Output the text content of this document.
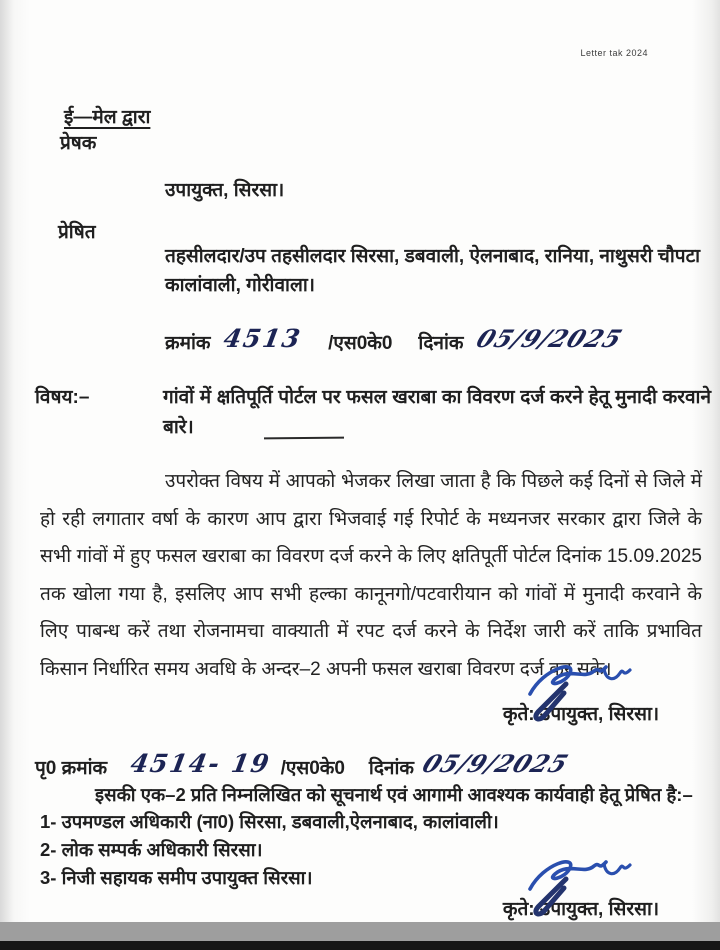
Letter tak 2024
ई—मेल द्वारा
प्रेषक
उपायुक्त, सिरसा।
प्रेषित
तहसीलदार/उप तहसीलदार सिरसा, डबवाली, ऐलनाबाद, रानिया, नाथुसरी चौपटा कालांवाली, गोरीवाला।
क्रमांक 4513 /एस0के0 दिनांक 05/9/2025
विषय:–	गांवों में क्षतिपूर्ति पोर्टल पर फसल खराबा का विवरण दर्ज करने हेतू मुनादी करवाने बारे।
उपरोक्त विषय में आपको भेजकर लिखा जाता है कि पिछले कई दिनों से जिले में हो रही लगातार वर्षा के कारण आप द्वारा भिजवाई गई रिपोर्ट के मध्यनजर सरकार द्वारा जिले के सभी गांवों में हुए फसल खराबा का विवरण दर्ज करने के लिए क्षतिपूर्ती पोर्टल दिनांक 15.09.2025 तक खोला गया है, इसलिए आप सभी हल्का कानूनगो/पटवारीयान को गांवों में मुनादी करवाने के लिए पाबन्ध करें तथा रोजनामचा वाक्याती में रपट दर्ज करने के निर्देश जारी करें ताकि प्रभावित किसान निर्धारित समय अवधि के अन्दर–2 अपनी फसल खराबा विवरण दर्ज कर सके।
कृते: उपायुक्त, सिरसा।
पृ0 क्रमांक 4514- 19 /एस0के0 दिनांक 05/9/2025
इसकी एक–2 प्रति निम्नलिखित को सूचनार्थ एवं आगामी आवश्यक कार्यवाही हेतू प्रेषित है:–
1- उपमण्डल अधिकारी (ना0) सिरसा, डबवाली,ऐलनाबाद, कालांवाली।
2- लोक सम्पर्क अधिकारी सिरसा।
3- निजी सहायक समीप उपायुक्त सिरसा।
कृते: उपायुक्त, सिरसा।
